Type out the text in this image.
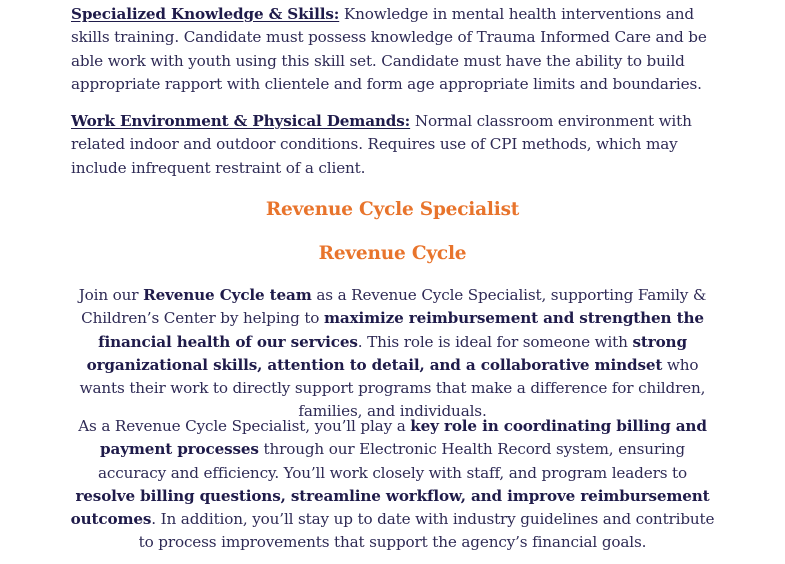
Specialized Knowledge & Skills: Knowledge in mental health interventions and skills training. Candidate must possess knowledge of Trauma Informed Care and be able work with youth using this skill set. Candidate must have the ability to build appropriate rapport with clientele and form age appropriate limits and boundaries.

Work Environment & Physical Demands: Normal classroom environment with related indoor and outdoor conditions. Requires use of CPI methods, which may include infrequent restraint of a client.

Revenue Cycle Specialist
Revenue Cycle

Join our Revenue Cycle team as a Revenue Cycle Specialist, supporting Family & Children’s Center by helping to maximize reimbursement and strengthen the financial health of our services. This role is ideal for someone with strong organizational skills, attention to detail, and a collaborative mindset who wants their work to directly support programs that make a difference for children, families, and individuals.

As a Revenue Cycle Specialist, you’ll play a key role in coordinating billing and payment processes through our Electronic Health Record system, ensuring accuracy and efficiency. You’ll work closely with staff, and program leaders to resolve billing questions, streamline workflow, and improve reimbursement outcomes. In addition, you’ll stay up to date with industry guidelines and contribute to process improvements that support the agency’s financial goals.
